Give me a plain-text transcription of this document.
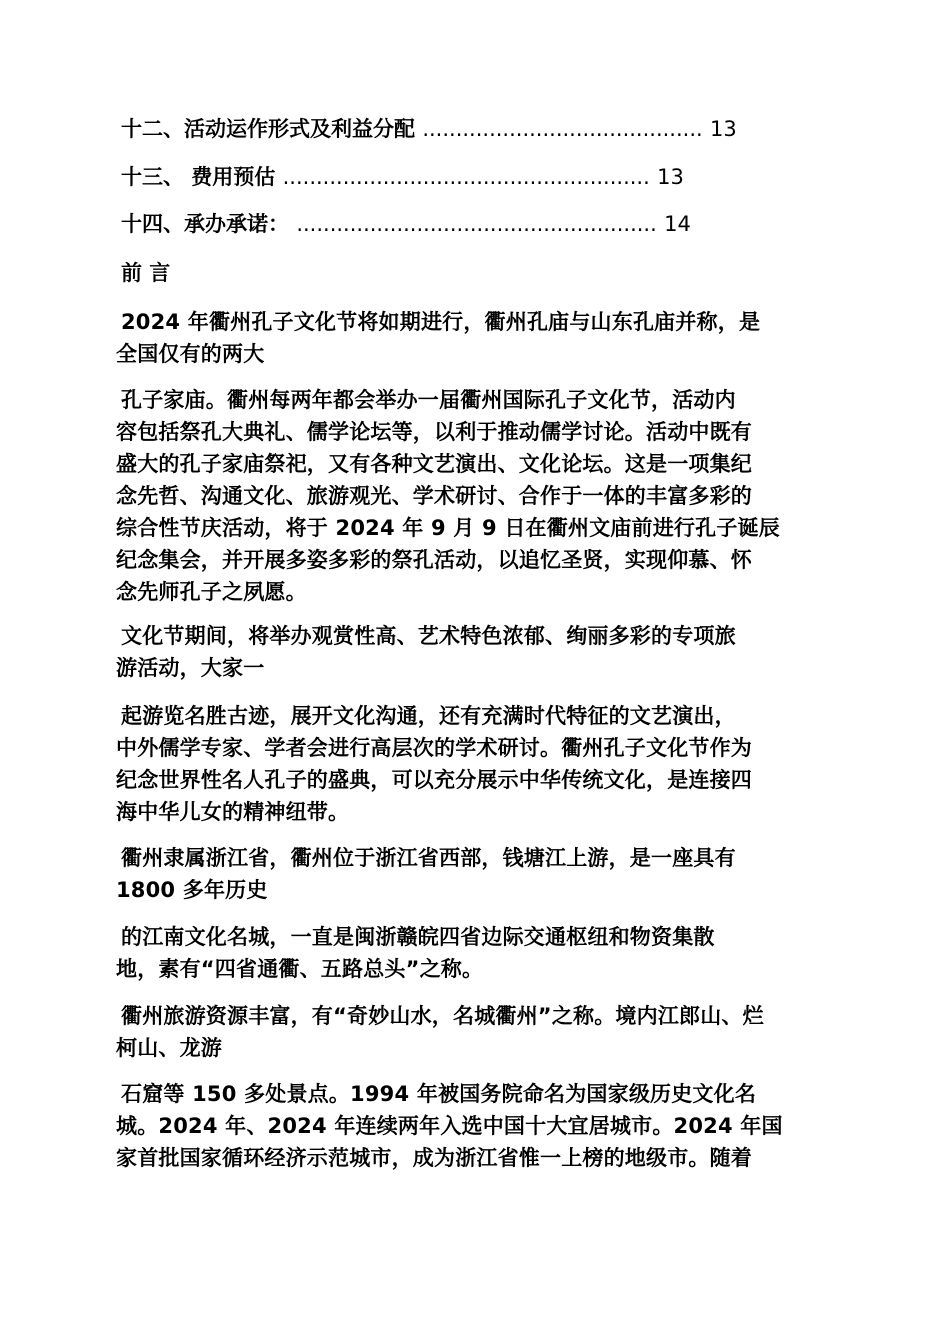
十二、活动运作形式及利益分配 .......................................... 13
十三、 费用预估 ....................................................... 13
十四、承办承诺： ...................................................... 14
前 言
2024 年衢州孔子文化节将如期进行，衢州孔庙与山东孔庙并称，是
全国仅有的两大
孔子家庙。衢州每两年都会举办一届衢州国际孔子文化节，活动内
容包括祭孔大典礼、儒学论坛等，以利于推动儒学讨论。活动中既有
盛大的孔子家庙祭祀，又有各种文艺演出、文化论坛。这是一项集纪
念先哲、沟通文化、旅游观光、学术研讨、合作于一体的丰富多彩的
综合性节庆活动，将于 2024 年 9 月 9 日在衢州文庙前进行孔子诞辰
纪念集会，并开展多姿多彩的祭孔活动，以追忆圣贤，实现仰慕、怀
念先师孔子之夙愿。
文化节期间，将举办观赏性高、艺术特色浓郁、绚丽多彩的专项旅
游活动，大家一
起游览名胜古迹，展开文化沟通，还有充满时代特征的文艺演出，
中外儒学专家、学者会进行高层次的学术研讨。衢州孔子文化节作为
纪念世界性名人孔子的盛典，可以充分展示中华传统文化，是连接四
海中华儿女的精神纽带。
衢州隶属浙江省，衢州位于浙江省西部，钱塘江上游，是一座具有
1800 多年历史
的江南文化名城，一直是闽浙赣皖四省边际交通枢纽和物资集散
地，素有“四省通衢、五路总头”之称。
衢州旅游资源丰富，有“奇妙山水，名城衢州”之称。境内江郎山、烂
柯山、龙游
石窟等 150 多处景点。1994 年被国务院命名为国家级历史文化名
城。2024 年、2024 年连续两年入选中国十大宜居城市。2024 年国
家首批国家循环经济示范城市，成为浙江省惟一上榜的地级市。随着
